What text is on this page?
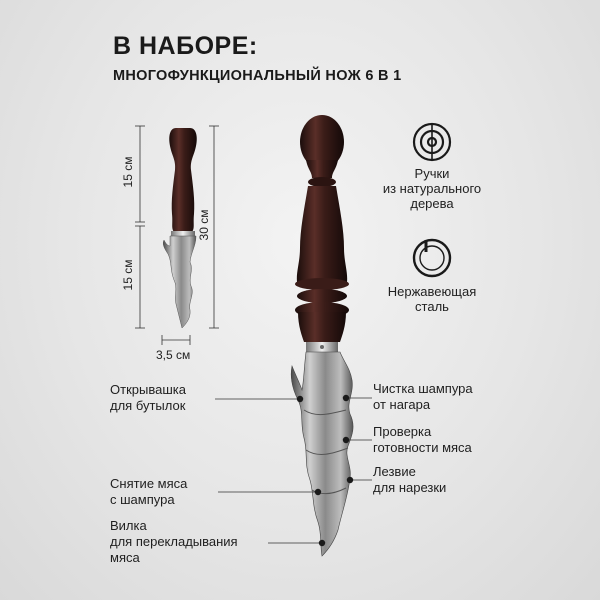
В НАБОРЕ:
МНОГОФУНКЦИОНАЛЬНЫЙ НОЖ 6 В 1
15 см
15 см
30 см
3,5 см
Ручки
из натурального
дерева
Нержавеющая
сталь
Открывашка
для бутылок
Снятие мяса
с шампура
Вилка
для перекладывания
мяса
Чистка шампура
от нагара
Проверка
готовности мяса
Лезвие
для нарезки
